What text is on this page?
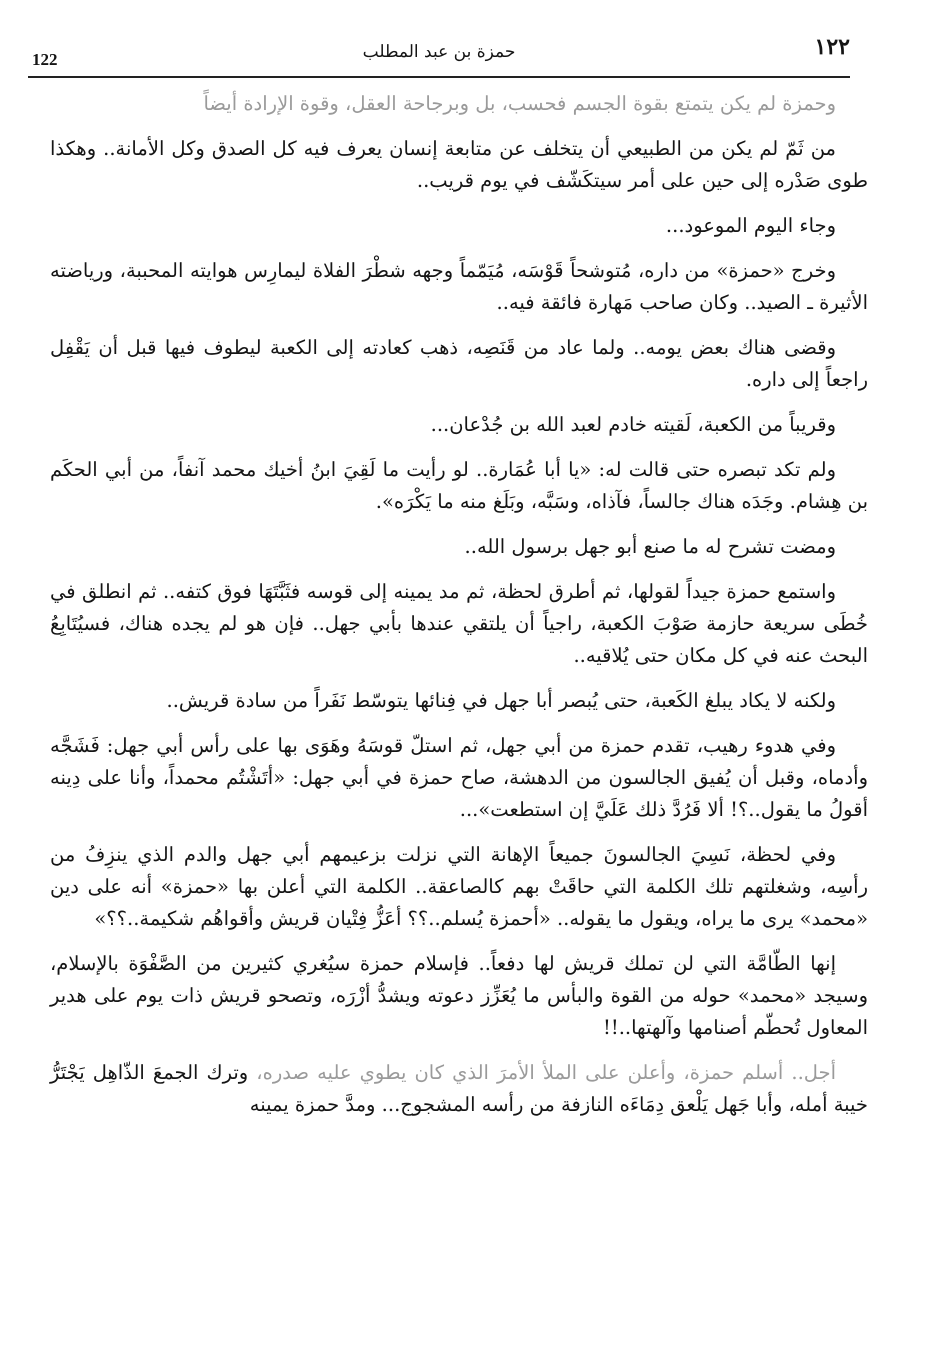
122	حمزة بن عبد المطلب	١٢٢

وحمزة لم يكن يتمتع بقوة الجسم فحسب، بل وبرجاحة العقل، وقوة الإرادة أيضاً

من ثَمّ لم يكن من الطبيعي أن يتخلف عن متابعة إنسان يعرف فيه كل الصدق وكل الأمانة.. وهكذا طوى صَدْره إلى حين على أمر سيتكَشّف في يوم قريب..

وجاء اليوم الموعود...

وخرج «حمزة» من داره، مُتوشحاً قَوْسَه، مُيَمّماً وجهه شطْرَ الفلاة ليمارِس هوايته المحببة، ورياضته الأثيرة ـ الصيد.. وكان صاحب مَهارة فائقة فيه..

وقضى هناك بعض يومه.. ولما عاد من قَنَصِه، ذهب كعادته إلى الكعبة ليطوف فيها قبل أن يَقْفِل راجعاً إلى داره.

وقريباً من الكعبة، لَقيته خادم لعبد الله بن جُدْعان...

ولم تكد تبصره حتى قالت له: «يا أبا عُمَارة.. لو رأيت ما لَقِيَ ابنُ أخيك محمد آنفاً، من أبي الحكَم بن هِشام. وجَدَه هناك جالساً، فآذاه، وسَبَّه، وبَلَغ منه ما يَكْرَه».

ومضت تشرح له ما صنع أبو جهل برسول الله..

واستمع حمزة جيداً لقولها، ثم أطرق لحظة، ثم مد يمينه إلى قوسه فثَبَّتَهَا فوق كتفه.. ثم انطلق في خُطَى سريعة حازمة صَوْبَ الكعبة، راجياً أن يلتقي عندها بأبي جهل.. فإن هو لم يجده هناك، فسيُتَابِعُ البحث عنه في كل مكان حتى يُلاقيه..

ولكنه لا يكاد يبلغ الكَعبة، حتى يُبصر أبا جهل في فِنائها يتوسّط نَفَراً من سادة قريش..

وفي هدوء رهيب، تقدم حمزة من أبي جهل، ثم استلّ قوسَهُ وهَوَى بها على رأس أبي جهل: فَشَجَّه وأدماه، وقبل أن يُفيق الجالسون من الدهشة، صاح حمزة في أبي جهل: «أتَشْتُم محمداً، وأنا على دِينه أقولُ ما يقول..؟! ألا فَرُدَّ ذلك عَلَيَّ إن استطعت»...

وفي لحظة، نَسِيَ الجالسونَ جميعاً الإهانة التي نزلت بزعيمهم أبي جهل والدم الذي ينزِفُ من رأسِه، وشغلتهم تلك الكلمة التي حاقَتْ بهم كالصاعقة.. الكلمة التي أعلن بها «حمزة» أنه على دين «محمد» يرى ما يراه، ويقول ما يقوله.. «أحمزة يُسلم..؟؟ أعَزُّ فِتْيان قريش وأقواهُم شكيمة..؟؟»

إنها الطّامَّة التي لن تملك قريش لها دفعاً.. فإسلام حمزة سيُغري كثيرين من الصَّفْوَة بالإسلام، وسيجد «محمد» حوله من القوة والبأس ما يُعَزِّز دعوته ويشدُّ أزْرَه، وتصحو قريش ذات يوم على هدير المعاول تُحطّم أصنامها وآلهتها..!!

أجل.. أسلم حمزة، وأعلن على الملأ الأمرَ الذي كان يطوي عليه صدره، وترك الجمعَ الذّاهِل يَجْتَرُّ خيبة أمله، وأبا جَهل يَلْعق دِمَاءَه النازفة من رأسه المشجوج... ومدَّ حمزة يمينه
